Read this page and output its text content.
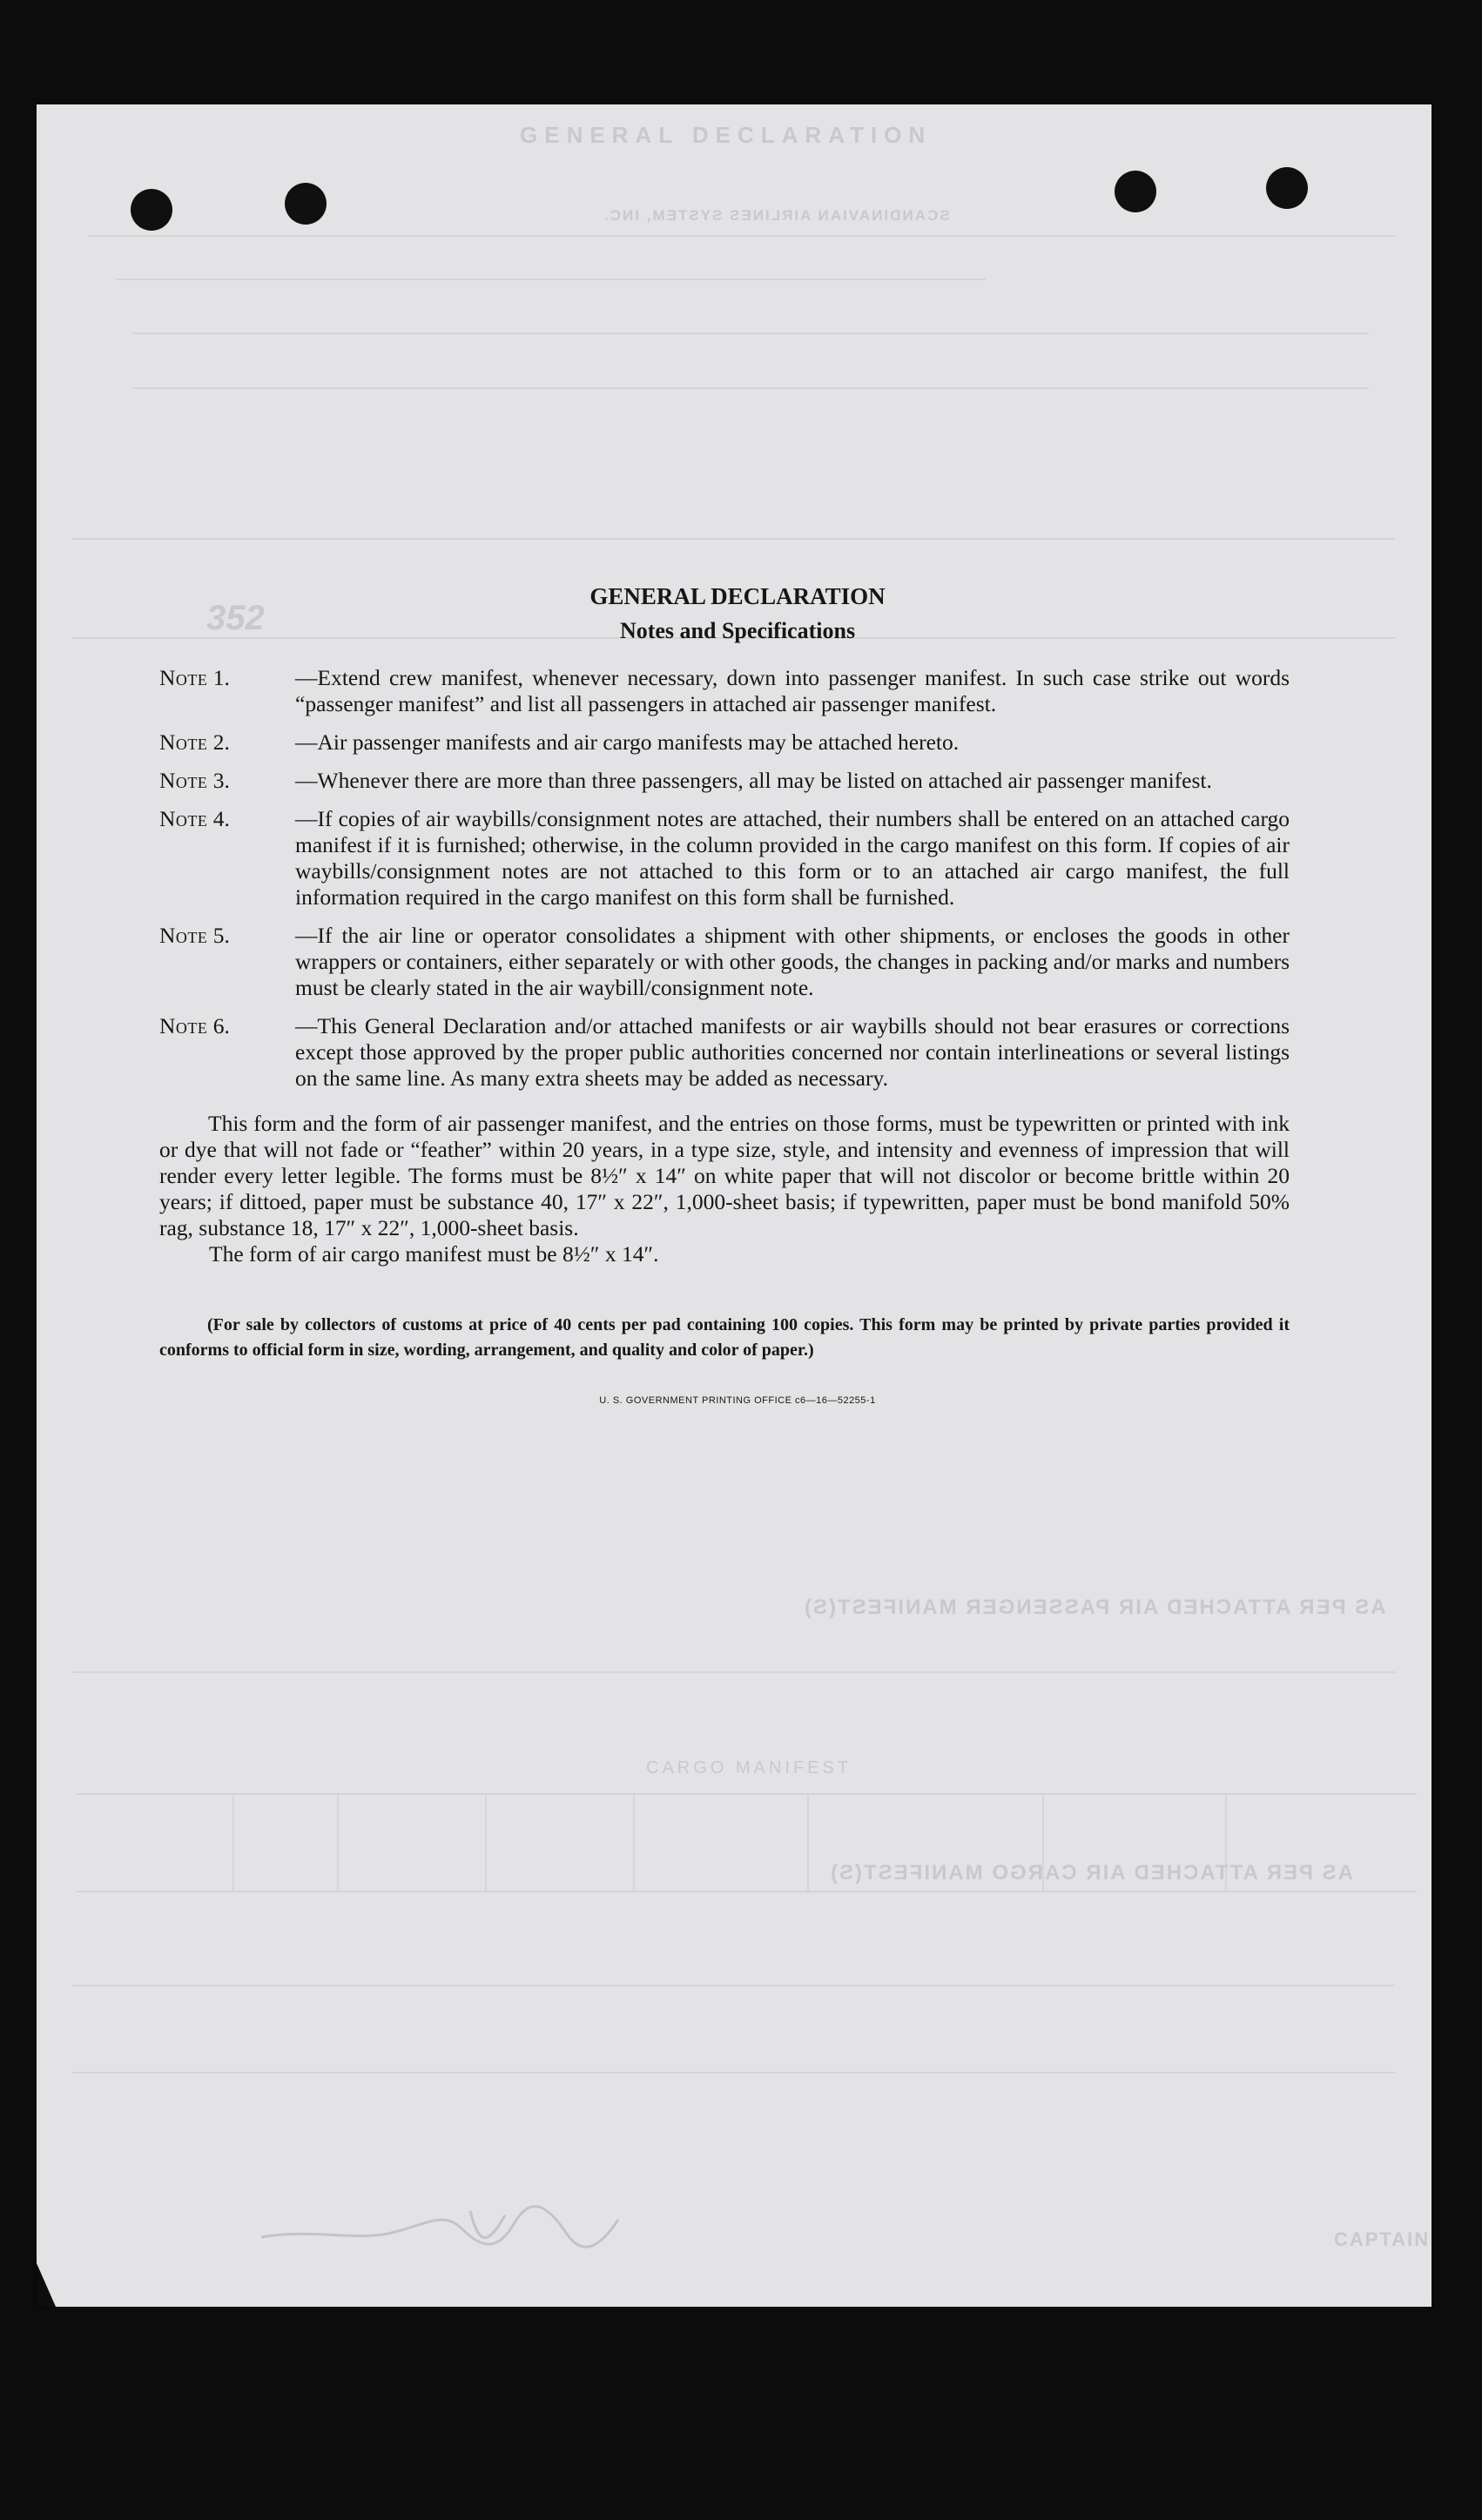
GENERAL DECLARATION
SCANDINAVIAN AIRLINES SYSTEM, INC.
352
AS PER ATTACHED AIR PASSENGER MANIFEST(S)
CARGO MANIFEST
AS PER ATTACHED AIR CARGO MANIFEST(S)
CAPTAIN
GENERAL DECLARATION
Notes and Specifications
Note 1.	—Extend crew manifest, whenever necessary, down into passenger manifest. In such case strike out words “passenger manifest” and list all passengers in attached air passenger manifest.
Note 2.	—Air passenger manifests and air cargo manifests may be attached hereto.
Note 3.	—Whenever there are more than three passengers, all may be listed on attached air passenger manifest.
Note 4.	—If copies of air waybills/consignment notes are attached, their numbers shall be entered on an attached cargo manifest if it is furnished; otherwise, in the column provided in the cargo manifest on this form. If copies of air waybills/consignment notes are not attached to this form or to an attached air cargo manifest, the full information required in the cargo manifest on this form shall be furnished.
Note 5.	—If the air line or operator consolidates a shipment with other shipments, or encloses the goods in other wrappers or containers, either separately or with other goods, the changes in packing and/or marks and numbers must be clearly stated in the air waybill/consignment note.
Note 6.	—This General Declaration and/or attached manifests or air waybills should not bear erasures or corrections except those approved by the proper public authorities concerned nor contain interlineations or several listings on the same line. As many extra sheets may be added as necessary.
This form and the form of air passenger manifest, and the entries on those forms, must be typewritten or printed with ink or dye that will not fade or “feather” within 20 years, in a type size, style, and intensity and evenness of impression that will render every letter legible. The forms must be 8½″ x 14″ on white paper that will not discolor or become brittle within 20 years; if dittoed, paper must be substance 40, 17″ x 22″, 1,000-sheet basis; if typewritten, paper must be bond manifold 50% rag, substance 18, 17″ x 22″, 1,000-sheet basis.
The form of air cargo manifest must be 8½″ x 14″.
(For sale by collectors of customs at price of 40 cents per pad containing 100 copies. This form may be printed by private parties provided it conforms to official form in size, wording, arrangement, and quality and color of paper.)
U. S. GOVERNMENT PRINTING OFFICE c6—16—52255-1
